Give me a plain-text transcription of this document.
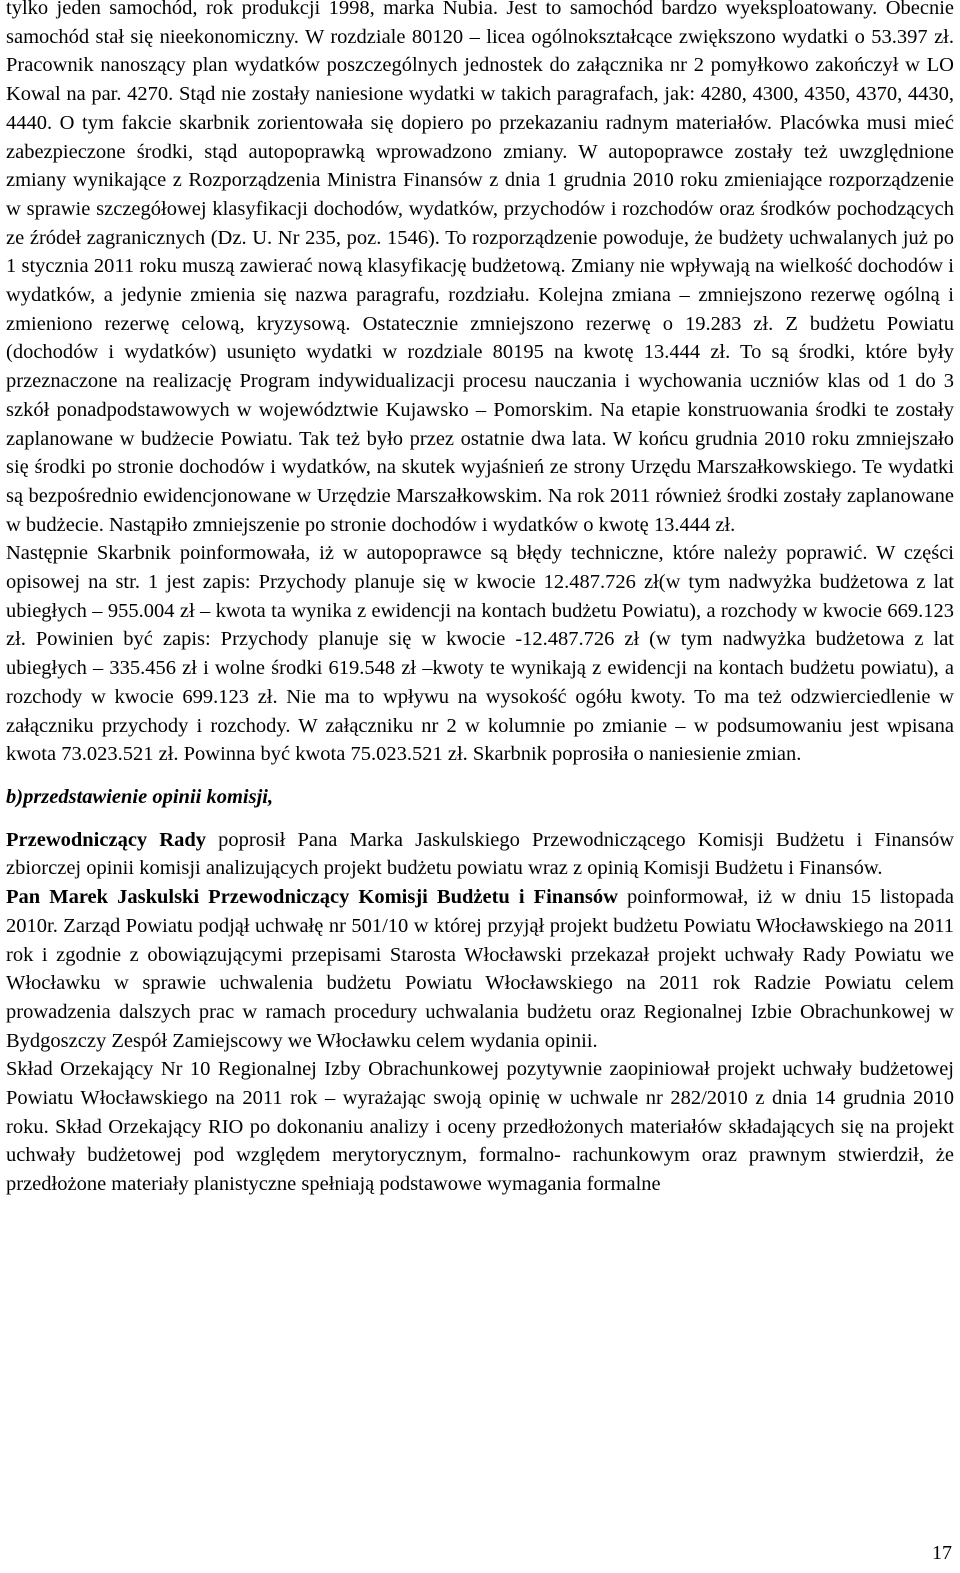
tylko jeden samochód, rok produkcji 1998, marka Nubia. Jest to samochód bardzo wyeksploatowany. Obecnie samochód stał się nieekonomiczny. W rozdziale 80120 – licea ogólnokształcące zwiększono wydatki o 53.397 zł. Pracownik nanoszący plan wydatków poszczególnych jednostek do załącznika nr 2 pomyłkowo zakończył w LO Kowal na par. 4270. Stąd nie zostały naniesione wydatki w takich paragrafach, jak: 4280, 4300, 4350, 4370, 4430, 4440. O tym fakcie skarbnik zorientowała się dopiero po przekazaniu radnym materiałów. Placówka musi mieć zabezpieczone środki, stąd autopoprawką wprowadzono zmiany. W autopoprawce zostały też uwzględnione zmiany wynikające z Rozporządzenia Ministra Finansów z dnia 1 grudnia 2010 roku zmieniające rozporządzenie w sprawie szczegółowej klasyfikacji dochodów, wydatków, przychodów i rozchodów oraz środków pochodzących ze źródeł zagranicznych (Dz. U. Nr 235, poz. 1546). To rozporządzenie powoduje, że budżety uchwalanych już po 1 stycznia 2011 roku muszą zawierać nową klasyfikację budżetową. Zmiany nie wpływają na wielkość dochodów i wydatków, a jedynie zmienia się nazwa paragrafu, rozdziału. Kolejna zmiana – zmniejszono rezerwę ogólną i zmieniono rezerwę celową, kryzysową. Ostatecznie zmniejszono rezerwę o 19.283 zł. Z budżetu Powiatu (dochodów i wydatków) usunięto wydatki w rozdziale 80195 na kwotę 13.444 zł. To są środki, które były przeznaczone na realizację Program indywidualizacji procesu nauczania i wychowania uczniów klas od 1 do 3 szkół ponadpodstawowych w województwie Kujawsko – Pomorskim. Na etapie konstruowania środki te zostały zaplanowane w budżecie Powiatu. Tak też było przez ostatnie dwa lata. W końcu grudnia 2010 roku zmniejszało się środki po stronie dochodów i wydatków, na skutek wyjaśnień ze strony Urzędu Marszałkowskiego. Te wydatki są bezpośrednio ewidencjonowane w Urzędzie Marszałkowskim. Na rok 2011 również środki zostały zaplanowane w budżecie. Nastąpiło zmniejszenie po stronie dochodów i wydatków o kwotę 13.444 zł.

Następnie Skarbnik poinformowała, iż w autopoprawce są błędy techniczne, które należy poprawić. W części opisowej na str. 1 jest zapis: Przychody planuje się w kwocie 12.487.726 zł(w tym nadwyżka budżetowa z lat ubiegłych – 955.004 zł – kwota ta wynika z ewidencji na kontach budżetu Powiatu), a rozchody w kwocie 669.123 zł. Powinien być zapis: Przychody planuje się w kwocie -12.487.726 zł (w tym nadwyżka budżetowa z lat ubiegłych – 335.456 zł i wolne środki 619.548 zł –kwoty te wynikają z ewidencji na kontach budżetu powiatu), a rozchody w kwocie 699.123 zł. Nie ma to wpływu na wysokość ogółu kwoty. To ma też odzwierciedlenie w załączniku przychody i rozchody. W załączniku nr 2 w kolumnie po zmianie – w podsumowaniu jest wpisana kwota 73.023.521 zł. Powinna być kwota 75.023.521 zł. Skarbnik poprosiła o naniesienie zmian.

b)przedstawienie opinii komisji,

Przewodniczący Rady poprosił Pana Marka Jaskulskiego Przewodniczącego Komisji Budżetu i Finansów zbiorczej opinii komisji analizujących projekt budżetu powiatu wraz z opinią Komisji Budżetu i Finansów.

Pan Marek Jaskulski Przewodniczący Komisji Budżetu i Finansów poinformował, iż w dniu 15 listopada 2010r. Zarząd Powiatu podjął uchwałę nr 501/10 w której przyjął projekt budżetu Powiatu Włocławskiego na 2011 rok i zgodnie z obowiązującymi przepisami Starosta Włocławski przekazał projekt uchwały Rady Powiatu we Włocławku w sprawie uchwalenia budżetu Powiatu Włocławskiego na 2011 rok Radzie Powiatu celem prowadzenia dalszych prac w ramach procedury uchwalania budżetu oraz Regionalnej Izbie Obrachunkowej w Bydgoszczy Zespół Zamiejscowy we Włocławku celem wydania opinii.

Skład Orzekający Nr 10 Regionalnej Izby Obrachunkowej pozytywnie zaopiniował projekt uchwały budżetowej Powiatu Włocławskiego na 2011 rok – wyrażając swoją opinię w uchwale nr 282/2010 z dnia 14 grudnia 2010 roku. Skład Orzekający RIO po dokonaniu analizy i oceny przedłożonych materiałów składających się na projekt uchwały budżetowej pod względem merytorycznym, formalno- rachunkowym oraz prawnym stwierdził, że przedłożone materiały planistyczne spełniają podstawowe wymagania formalne

17
